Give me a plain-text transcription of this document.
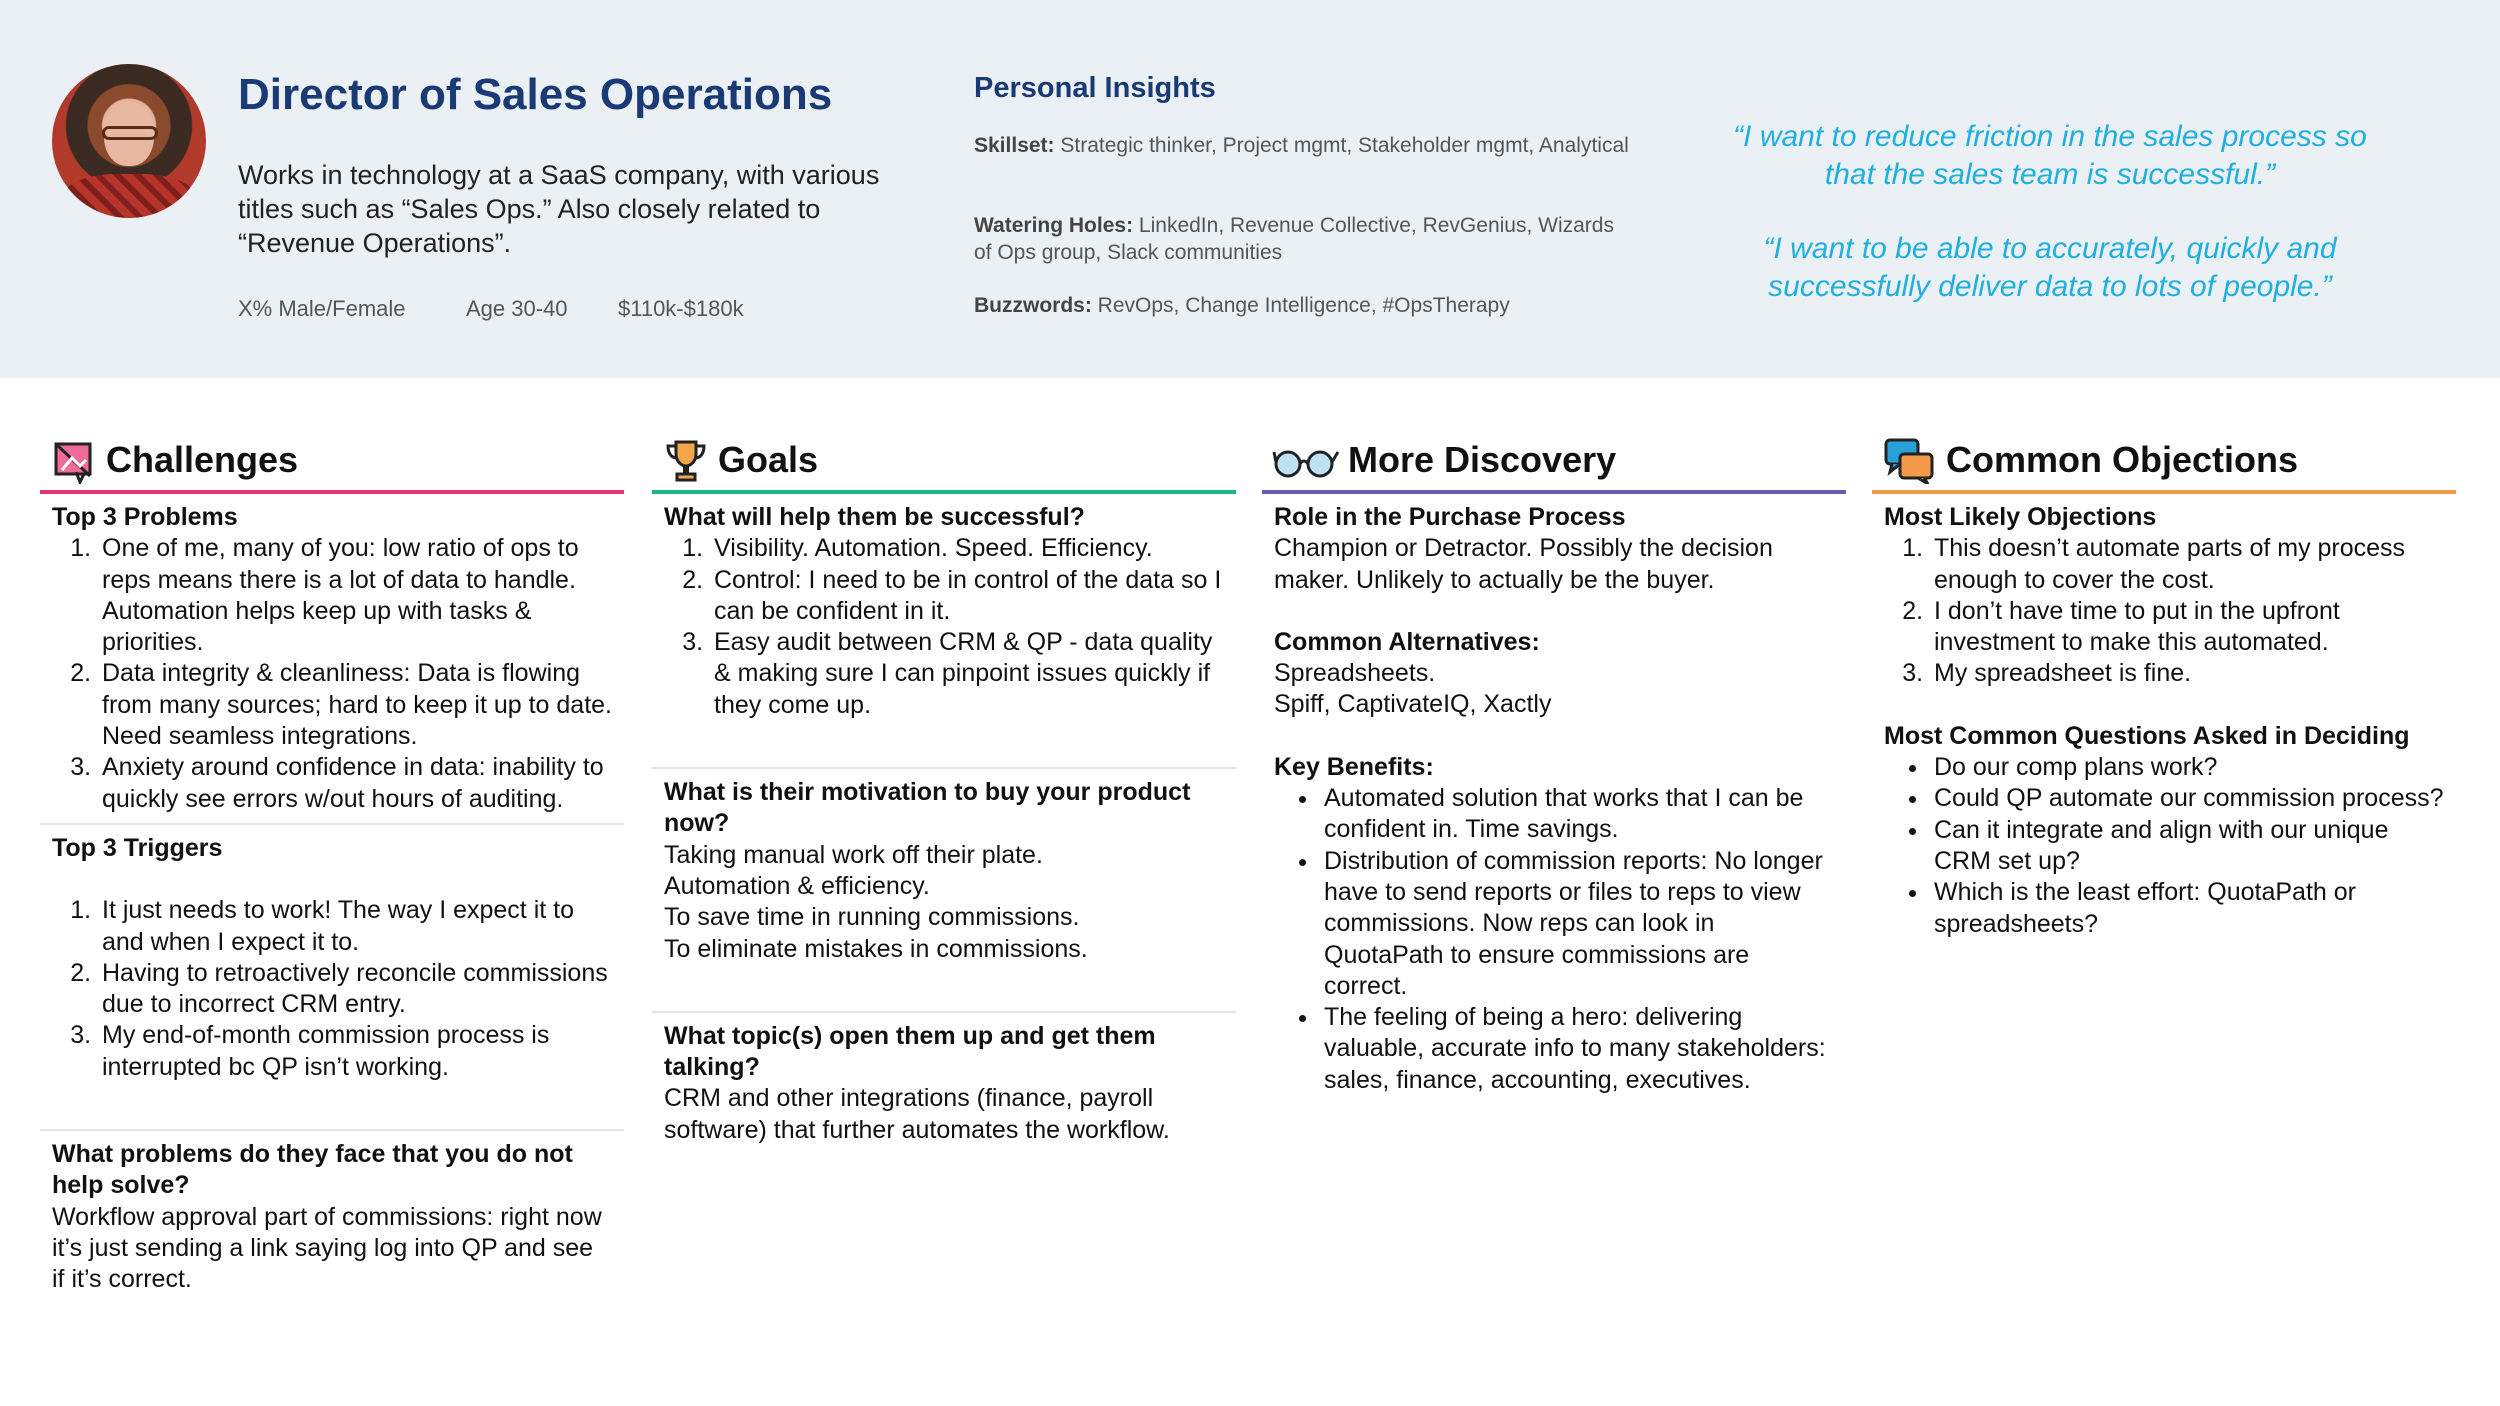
Director of Sales Operations
Works in technology at a SaaS company, with various titles such as “Sales Ops.” Also closely related to “Revenue Operations”.
X% Male/Female	Age 30-40	$110k-$180k
Personal Insights
Skillset: Strategic thinker, Project mgmt, Stakeholder mgmt, Analytical
Watering Holes: LinkedIn, Revenue Collective, RevGenius, Wizards of Ops group, Slack communities
Buzzwords: RevOps, Change Intelligence, #OpsTherapy
“I want to reduce friction in the sales process so that the sales team is successful.”
“I want to be able to accurately, quickly and successfully deliver data to lots of people.”
Challenges
Top 3 Problems
1. One of me, many of you: low ratio of ops to reps means there is a lot of data to handle. Automation helps keep up with tasks & priorities.
2. Data integrity & cleanliness: Data is flowing from many sources; hard to keep it up to date. Need seamless integrations.
3. Anxiety around confidence in data: inability to quickly see errors w/out hours of auditing.
Top 3 Triggers
1. It just needs to work! The way I expect it to and when I expect it to.
2. Having to retroactively reconcile commissions due to incorrect CRM entry.
3. My end-of-month commission process is interrupted bc QP isn’t working.
What problems do they face that you do not help solve?

Workflow approval part of commissions: right now it’s just sending a link saying log into QP and see if it’s correct.

Goals
What will help them be successful?
1. Visibility. Automation. Speed. Efficiency.
2. Control: I need to be in control of the data so I can be confident in it.
3. Easy audit between CRM & QP - data quality & making sure I can pinpoint issues quickly if they come up.
What is their motivation to buy your product now?

Taking manual work off their plate.

Automation & efficiency.

To save time in running commissions.

To eliminate mistakes in commissions.

What topic(s) open them up and get them talking?

CRM and other integrations (finance, payroll software) that further automates the workflow.

More Discovery
Role in the Purchase Process

Champion or Detractor. Possibly the decision maker. Unlikely to actually be the buyer.

Common Alternatives:

Spreadsheets.

Spiff, CaptivateIQ, Xactly

Key Benefits:
• Automated solution that works that I can be confident in. Time savings.
• Distribution of commission reports: No longer have to send reports or files to reps to view commissions. Now reps can look in QuotaPath to ensure commissions are correct.
• The feeling of being a hero: delivering valuable, accurate info to many stakeholders: sales, finance, accounting, executives.
Common Objections
Most Likely Objections
1. This doesn’t automate parts of my process enough to cover the cost.
2. I don’t have time to put in the upfront investment to make this automated.
3. My spreadsheet is fine.
Most Common Questions Asked in Deciding
• Do our comp plans work?
• Could QP automate our commission process?
• Can it integrate and align with our unique CRM set up?
• Which is the least effort: QuotaPath or spreadsheets?
